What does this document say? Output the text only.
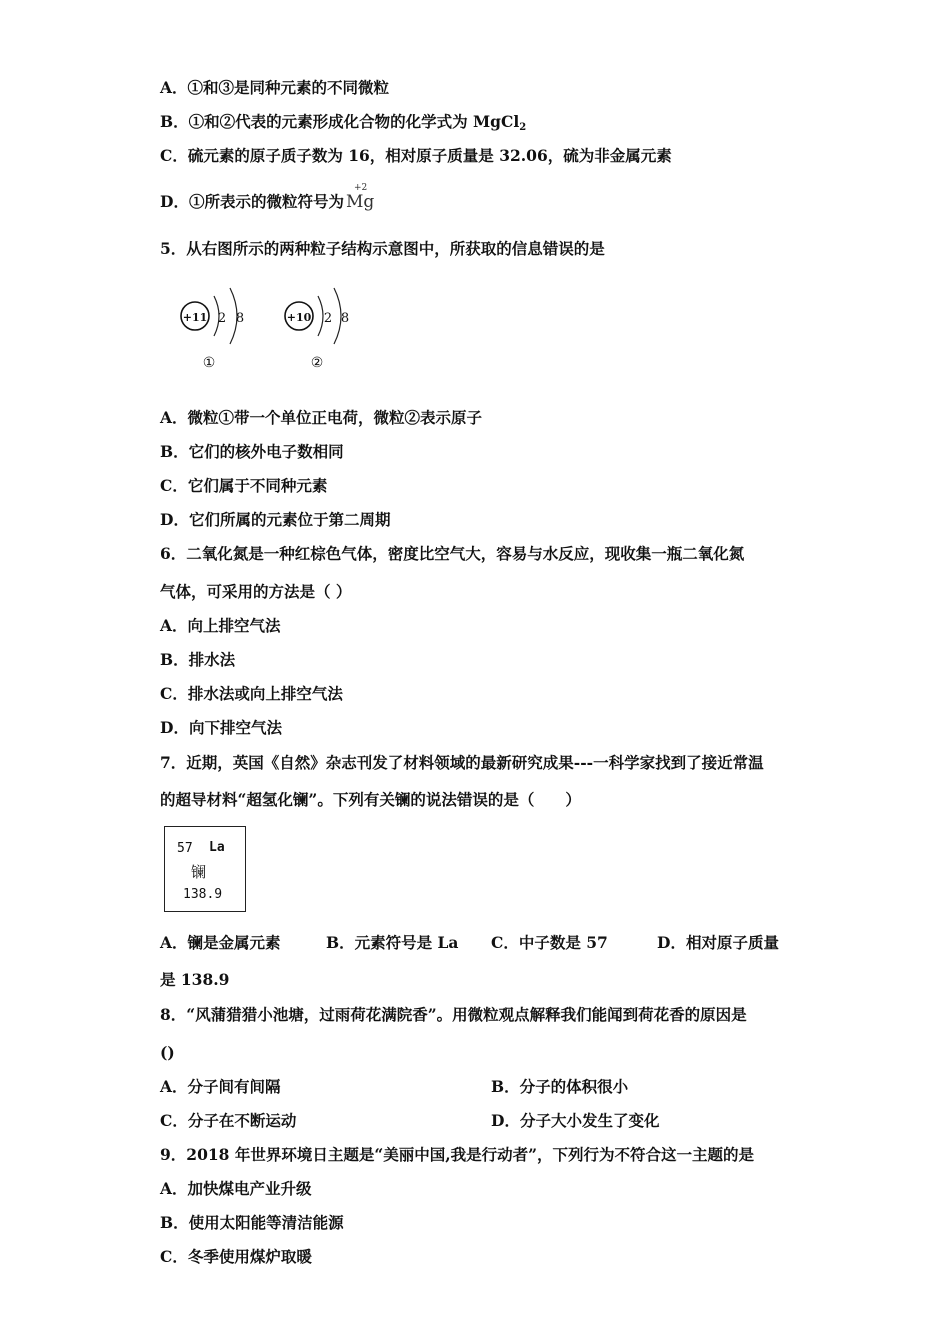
A．①和③是同种元素的不同微粒
B．①和②代表的元素形成化合物的化学式为 MgCl$_2$
C．硫元素的原子质子数为 16，相对原子质量是 32.06，硫为非金属元素
D．①所表示的微粒符号为
+2
Mg
5．从右图所示的两种粒子结构示意图中，所获取的信息错误的是
+11 2 8
①
+10 2 8
②
A．微粒①带一个单位正电荷，微粒②表示原子
B．它们的核外电子数相同
C．它们属于不同种元素
D．它们所属的元素位于第二周期
6．二氧化氮是一种红棕色气体，密度比空气大，容易与水反应，现收集一瓶二氧化氮
气体，可采用的方法是（ ）
A．向上排空气法
B．排水法
C．排水法或向上排空气法
D．向下排空气法
7．近期，英国《自然》杂志刊发了材料领域的最新研究成果---一科学家找到了接近常温
的超导材料“超氢化镧”。下列有关镧的说法错误的是（　　）
57 La
镧
138.9
A．镧是金属元素	B．元素符号是 La C．中子数是 57	D．相对原子质量
是 138.9
8．“风蒲猎猎小池塘，过雨荷花满院香”。用微粒观点解释我们能闻到荷花香的原因是
()
A．分子间有间隔	B．分子的体积很小
C．分子在不断运动	D．分子大小发生了变化
9．2018 年世界环境日主题是“美丽中国,我是行动者”，下列行为不符合这一主题的是
A．加快煤电产业升级
B．使用太阳能等清洁能源
C．冬季使用煤炉取暖
